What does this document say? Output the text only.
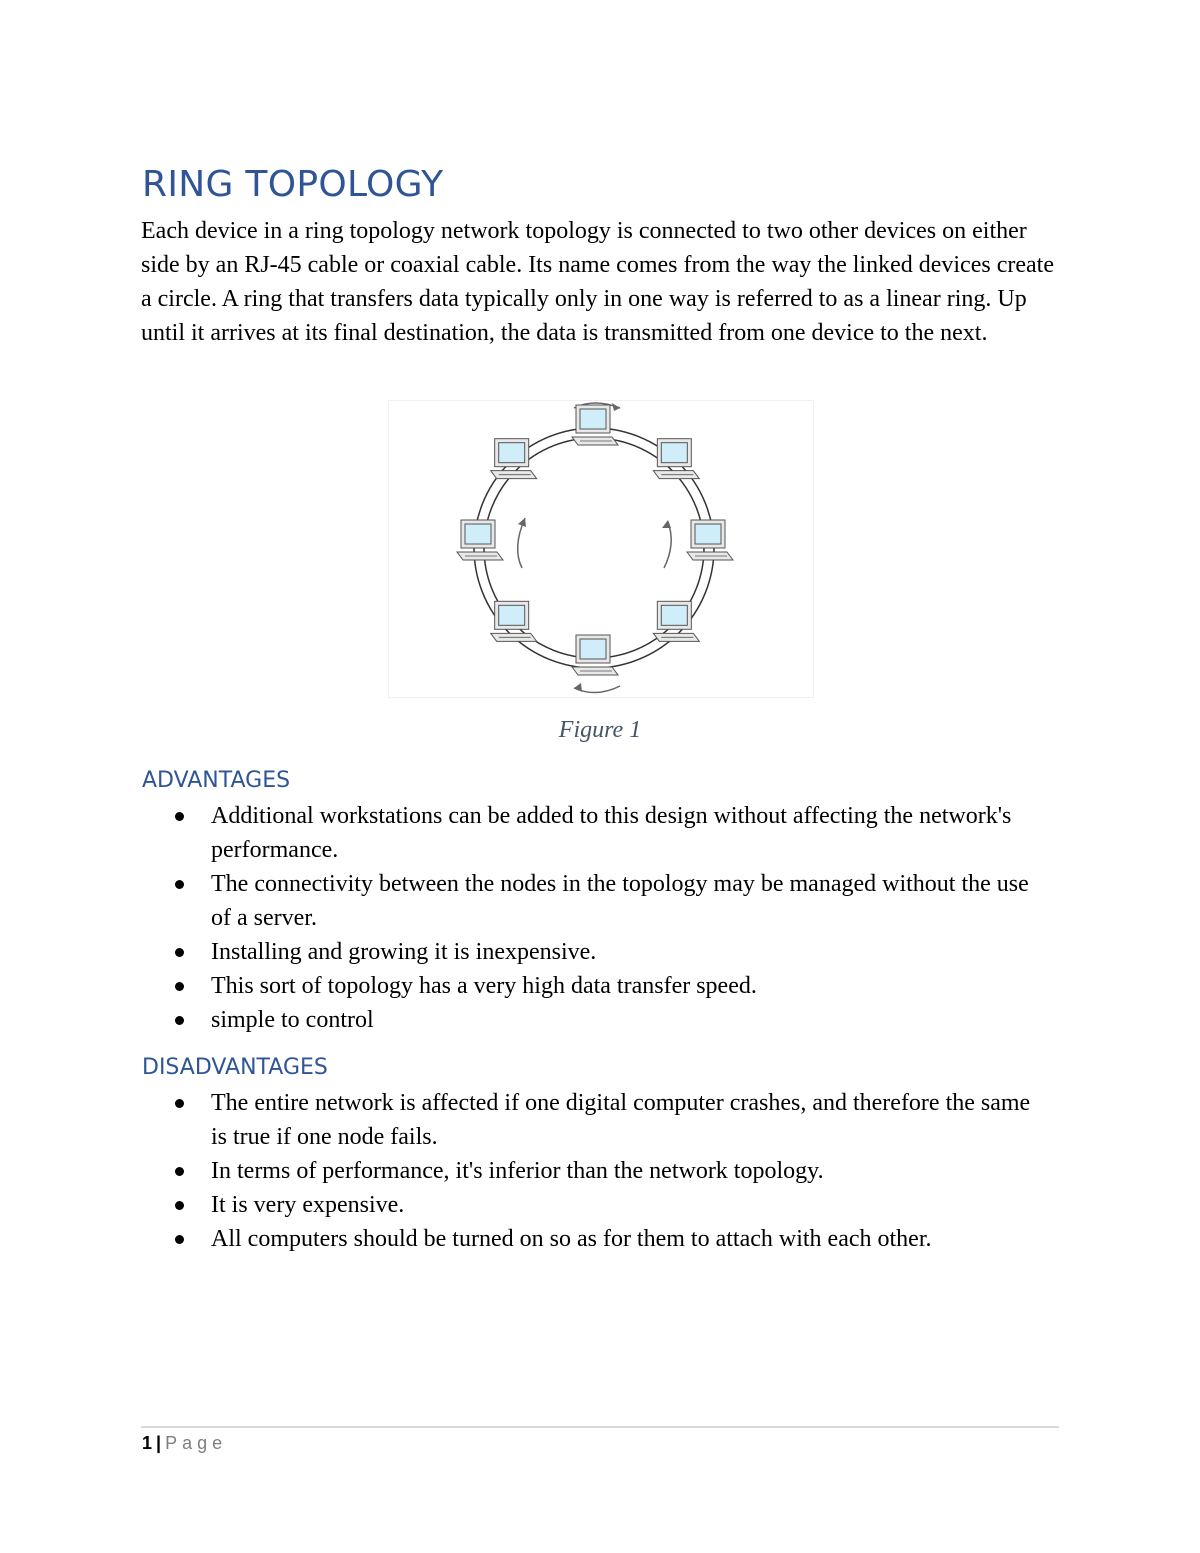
RING TOPOLOGY

Each device in a ring topology network topology is connected to two other devices on either side by an RJ-45 cable or coaxial cable. Its name comes from the way the linked devices create a circle. A ring that transfers data typically only in one way is referred to as a linear ring. Up until it arrives at its final destination, the data is transmitted from one device to the next.

Figure 1
ADVANTAGES
Additional workstations can be added to this design without affecting the network's performance.
The connectivity between the nodes in the topology may be managed without the use of a server.
Installing and growing it is inexpensive.
This sort of topology has a very high data transfer speed.
simple to control
DISADVANTAGES
The entire network is affected if one digital computer crashes, and therefore the same is true if one node fails.
In terms of performance, it's inferior than the network topology.
It is very expensive.
All computers should be turned on so as for them to attach with each other.
1 | Page
